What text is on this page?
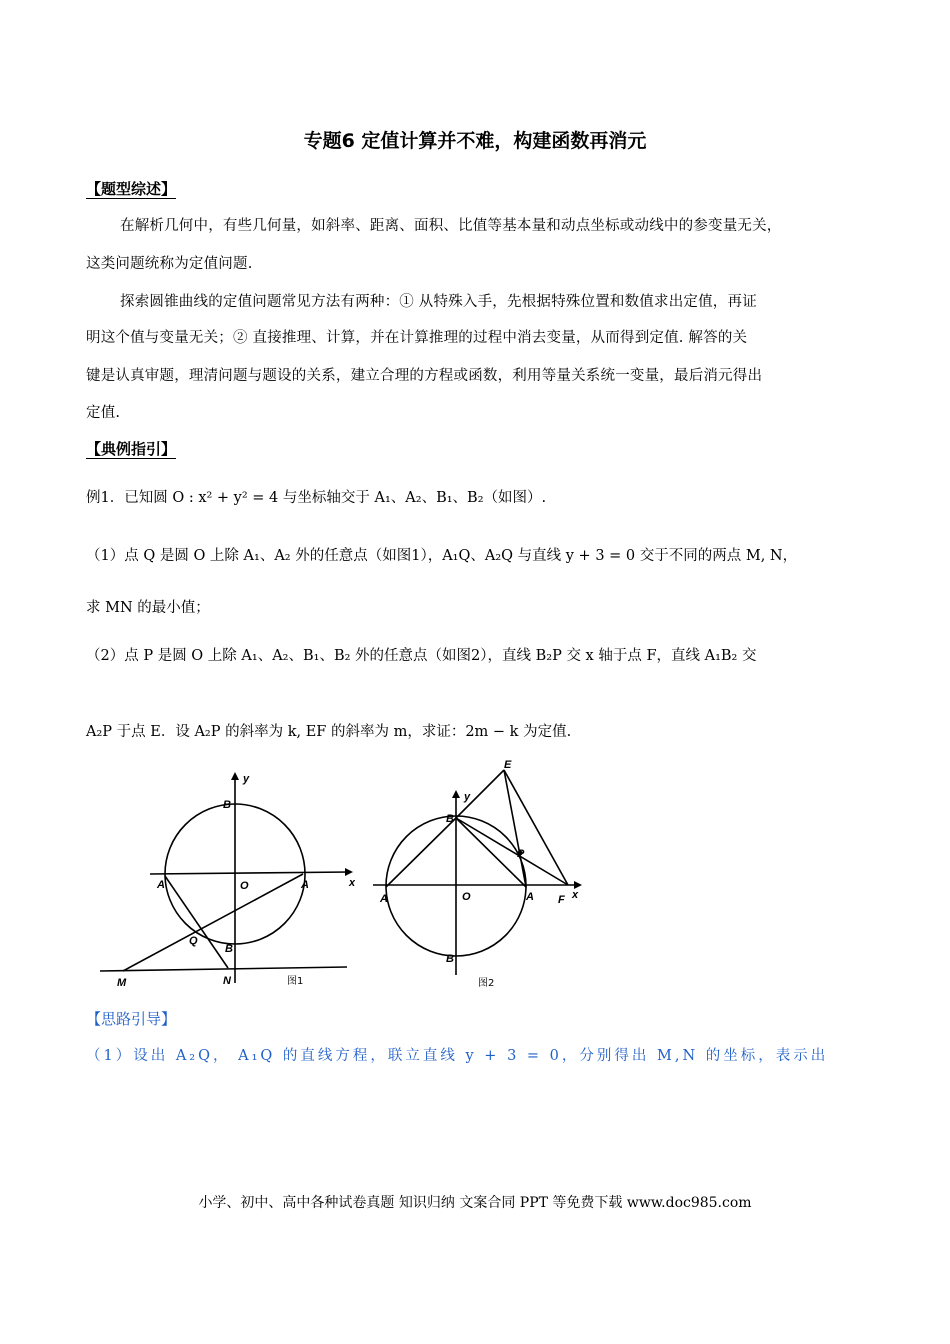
专题6 定值计算并不难，构建函数再消元
【题型综述】
在解析几何中，有些几何量，如斜率、距离、面积、比值等基本量和动点坐标或动线中的参变量无关，
这类问题统称为定值问题.
探索圆锥曲线的定值问题常见方法有两种：① 从特殊入手，先根据特殊位置和数值求出定值，再证
明这个值与变量无关；② 直接推理、计算，并在计算推理的过程中消去变量，从而得到定值. 解答的关
键是认真审题，理清问题与题设的关系，建立合理的方程或函数，利用等量关系统一变量，最后消元得出
定值.
【典例指引】
例1．已知圆 O : x² + y² = 4 与坐标轴交于 A₁、A₂、B₁、B₂（如图）.
（1）点 Q 是圆 O 上除 A₁、A₂ 外的任意点（如图1），A₁Q、A₂Q 与直线 y + 3 = 0 交于不同的两点 M, N，
求 MN 的最小值；
（2）点 P 是圆 O 上除 A₁、A₂、B₁、B₂ 外的任意点（如图2），直线 B₂P 交 x 轴于点 F，直线 A₁B₂ 交
A₂P 于点 E．设 A₂P 的斜率为 k, EF 的斜率为 m，求证：2m − k 为定值.
y
x
B
A	O	A
Q
B
M	N	图1
y
x
E
B
P
A	O	A F
B
图2
【思路引导】
（1）设出 A₂Q， A₁Q 的直线方程，联立直线 y + 3 = 0，分别得出 M,N 的坐标，表示出
小学、初中、高中各种试卷真题 知识归纳 文案合同 PPT 等免费下载 www.doc985.com
